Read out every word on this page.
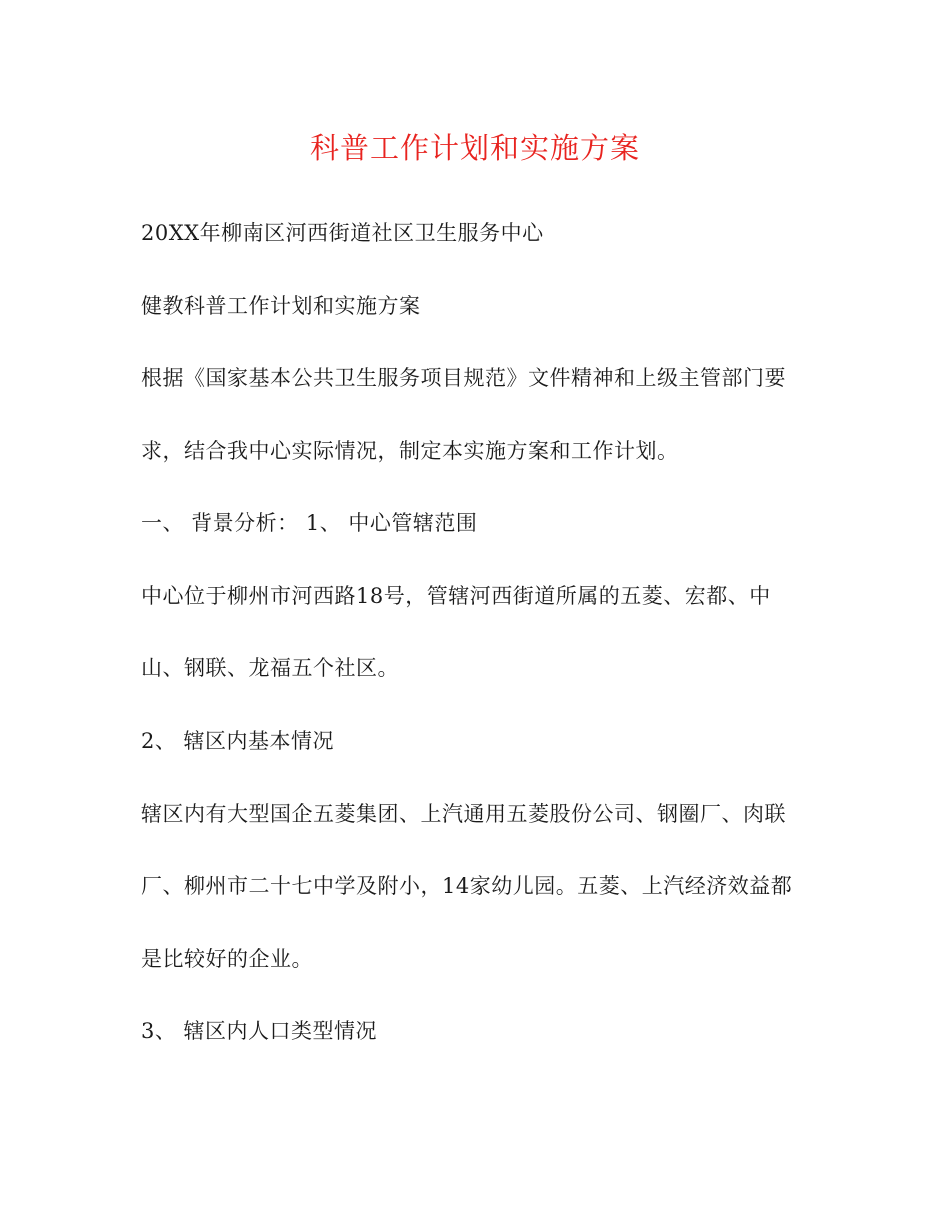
科普工作计划和实施方案
20XX年柳南区河西街道社区卫生服务中心
健教科普工作计划和实施方案
根据《国家基本公共卫生服务项目规范》文件精神和上级主管部门要
求，结合我中心实际情况，制定本实施方案和工作计划。
一、 背景分析： 1、 中心管辖范围
中心位于柳州市河西路18号，管辖河西街道所属的五菱、宏都、中
山、钢联、龙福五个社区。
2、 辖区内基本情况
辖区内有大型国企五菱集团、上汽通用五菱股份公司、钢圈厂、肉联
厂、柳州市二十七中学及附小，14家幼儿园。五菱、上汽经济效益都
是比较好的企业。
3、 辖区内人口类型情况
